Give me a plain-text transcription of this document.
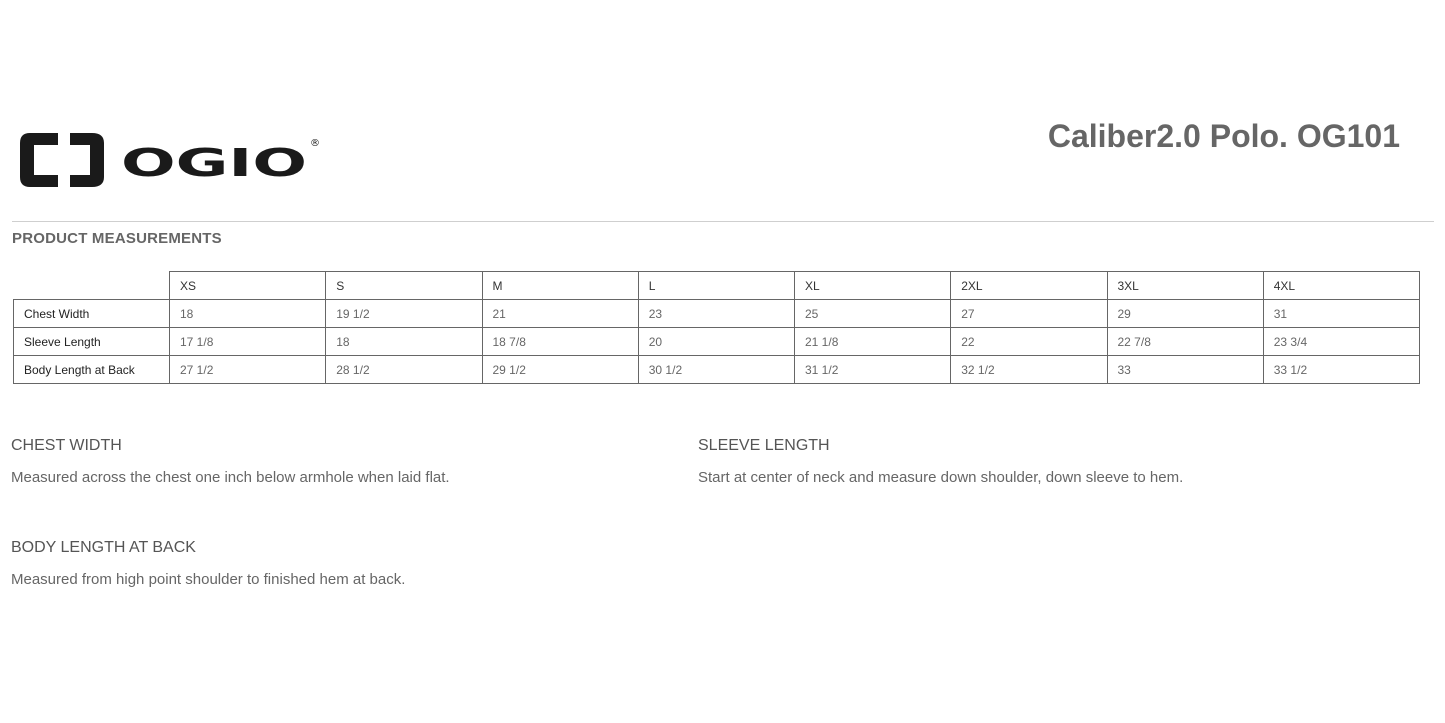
OGIO ®	Caliber2.0 Polo. OG101
PRODUCT MEASUREMENTS
	XS	S	M	L	XL	2XL	3XL	4XL
Chest Width	18	19 1/2	21	23	25	27	29	31
Sleeve Length	17 1/8	18	18 7/8	20	21 1/8	22	22 7/8	23 3/4
Body Length at Back	27 1/2	28 1/2	29 1/2	30 1/2	31 1/2	32 1/2	33	33 1/2
CHEST WIDTH
Measured across the chest one inch below armhole when laid flat.
SLEEVE LENGTH
Start at center of neck and measure down shoulder, down sleeve to hem.
BODY LENGTH AT BACK
Measured from high point shoulder to finished hem at back.
